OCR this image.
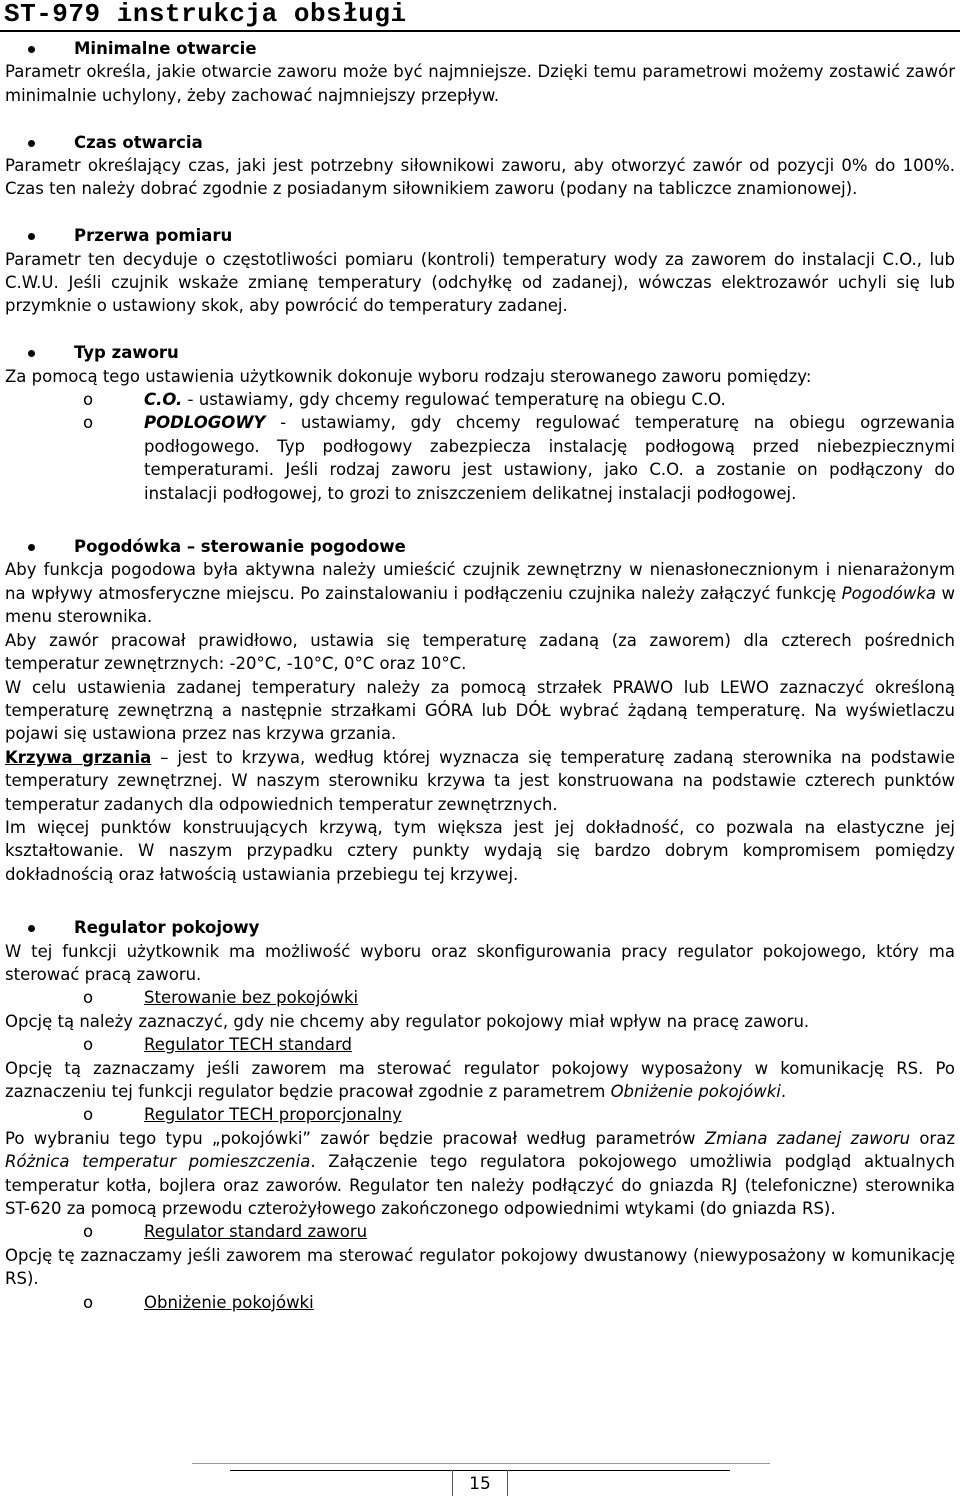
ST-979 instrukcja obsługi
Minimalne otwarcie
Parametr określa, jakie otwarcie zaworu może być najmniejsze. Dzięki temu parametrowi możemy zostawić zawór minimalnie uchylony, żeby zachować najmniejszy przepływ.
Czas otwarcia
Parametr określający czas, jaki jest potrzebny siłownikowi zaworu, aby otworzyć zawór od pozycji 0% do 100%. Czas ten należy dobrać zgodnie z posiadanym siłownikiem zaworu (podany na tabliczce znamionowej).
Przerwa pomiaru
Parametr ten decyduje o częstotliwości pomiaru (kontroli) temperatury wody za zaworem do instalacji C.O., lub C.W.U. Jeśli czujnik wskaże zmianę temperatury (odchyłkę od zadanej), wówczas elektrozawór uchyli się lub przymknie o ustawiony skok, aby powrócić do temperatury zadanej.
Typ zaworu
Za pomocą tego ustawienia użytkownik dokonuje wyboru rodzaju sterowanego zaworu pomiędzy:
o	C.O. - ustawiamy, gdy chcemy regulować temperaturę na obiegu C.O.
o	PODLOGOWY - ustawiamy, gdy chcemy regulować temperaturę na obiegu ogrzewania podłogowego. Typ podłogowy zabezpiecza instalację podłogową przed niebezpiecznymi temperaturami. Jeśli rodzaj zaworu jest ustawiony, jako C.O. a zostanie on podłączony do instalacji podłogowej, to grozi to zniszczeniem delikatnej instalacji podłogowej.
Pogodówka – sterowanie pogodowe
Aby funkcja pogodowa była aktywna należy umieścić czujnik zewnętrzny w nienasłonecznionym i nienarażonym na wpływy atmosferyczne miejscu. Po zainstalowaniu i podłączeniu czujnika należy załączyć funkcję Pogodówka w menu sterownika.
Aby zawór pracował prawidłowo, ustawia się temperaturę zadaną (za zaworem) dla czterech pośrednich temperatur zewnętrznych: -20°C, -10°C, 0°C oraz 10°C.
W celu ustawienia zadanej temperatury należy za pomocą strzałek PRAWO lub LEWO zaznaczyć określoną temperaturę zewnętrzną a następnie strzałkami GÓRA lub DÓŁ wybrać żądaną temperaturę. Na wyświetlaczu pojawi się ustawiona przez nas krzywa grzania.
Krzywa grzania – jest to krzywa, według której wyznacza się temperaturę zadaną sterownika na podstawie temperatury zewnętrznej. W naszym sterowniku krzywa ta jest konstruowana na podstawie czterech punktów temperatur zadanych dla odpowiednich temperatur zewnętrznych.
Im więcej punktów konstruujących krzywą, tym większa jest jej dokładność, co pozwala na elastyczne jej kształtowanie. W naszym przypadku cztery punkty wydają się bardzo dobrym kompromisem pomiędzy dokładnością oraz łatwością ustawiania przebiegu tej krzywej.
Regulator pokojowy
W tej funkcji użytkownik ma możliwość wyboru oraz skonfigurowania pracy regulator pokojowego, który ma sterować pracą zaworu.
o	Sterowanie bez pokojówki
Opcję tą należy zaznaczyć, gdy nie chcemy aby regulator pokojowy miał wpływ na pracę zaworu.
o	Regulator TECH standard
Opcję tą zaznaczamy jeśli zaworem ma sterować regulator pokojowy wyposażony w komunikację RS. Po zaznaczeniu tej funkcji regulator będzie pracował zgodnie z parametrem Obniżenie pokojówki.
o	Regulator TECH proporcjonalny
Po wybraniu tego typu „pokojówki” zawór będzie pracował według parametrów Zmiana zadanej zaworu oraz Różnica temperatur pomieszczenia. Załączenie tego regulatora pokojowego umożliwia podgląd aktualnych temperatur kotła, bojlera oraz zaworów. Regulator ten należy podłączyć do gniazda RJ (telefoniczne) sterownika ST-620 za pomocą przewodu czterożyłowego zakończonego odpowiednimi wtykami (do gniazda RS).
o	Regulator standard zaworu
Opcję tę zaznaczamy jeśli zaworem ma sterować regulator pokojowy dwustanowy (niewyposażony w komunikację RS).
o	Obniżenie pokojówki
15
